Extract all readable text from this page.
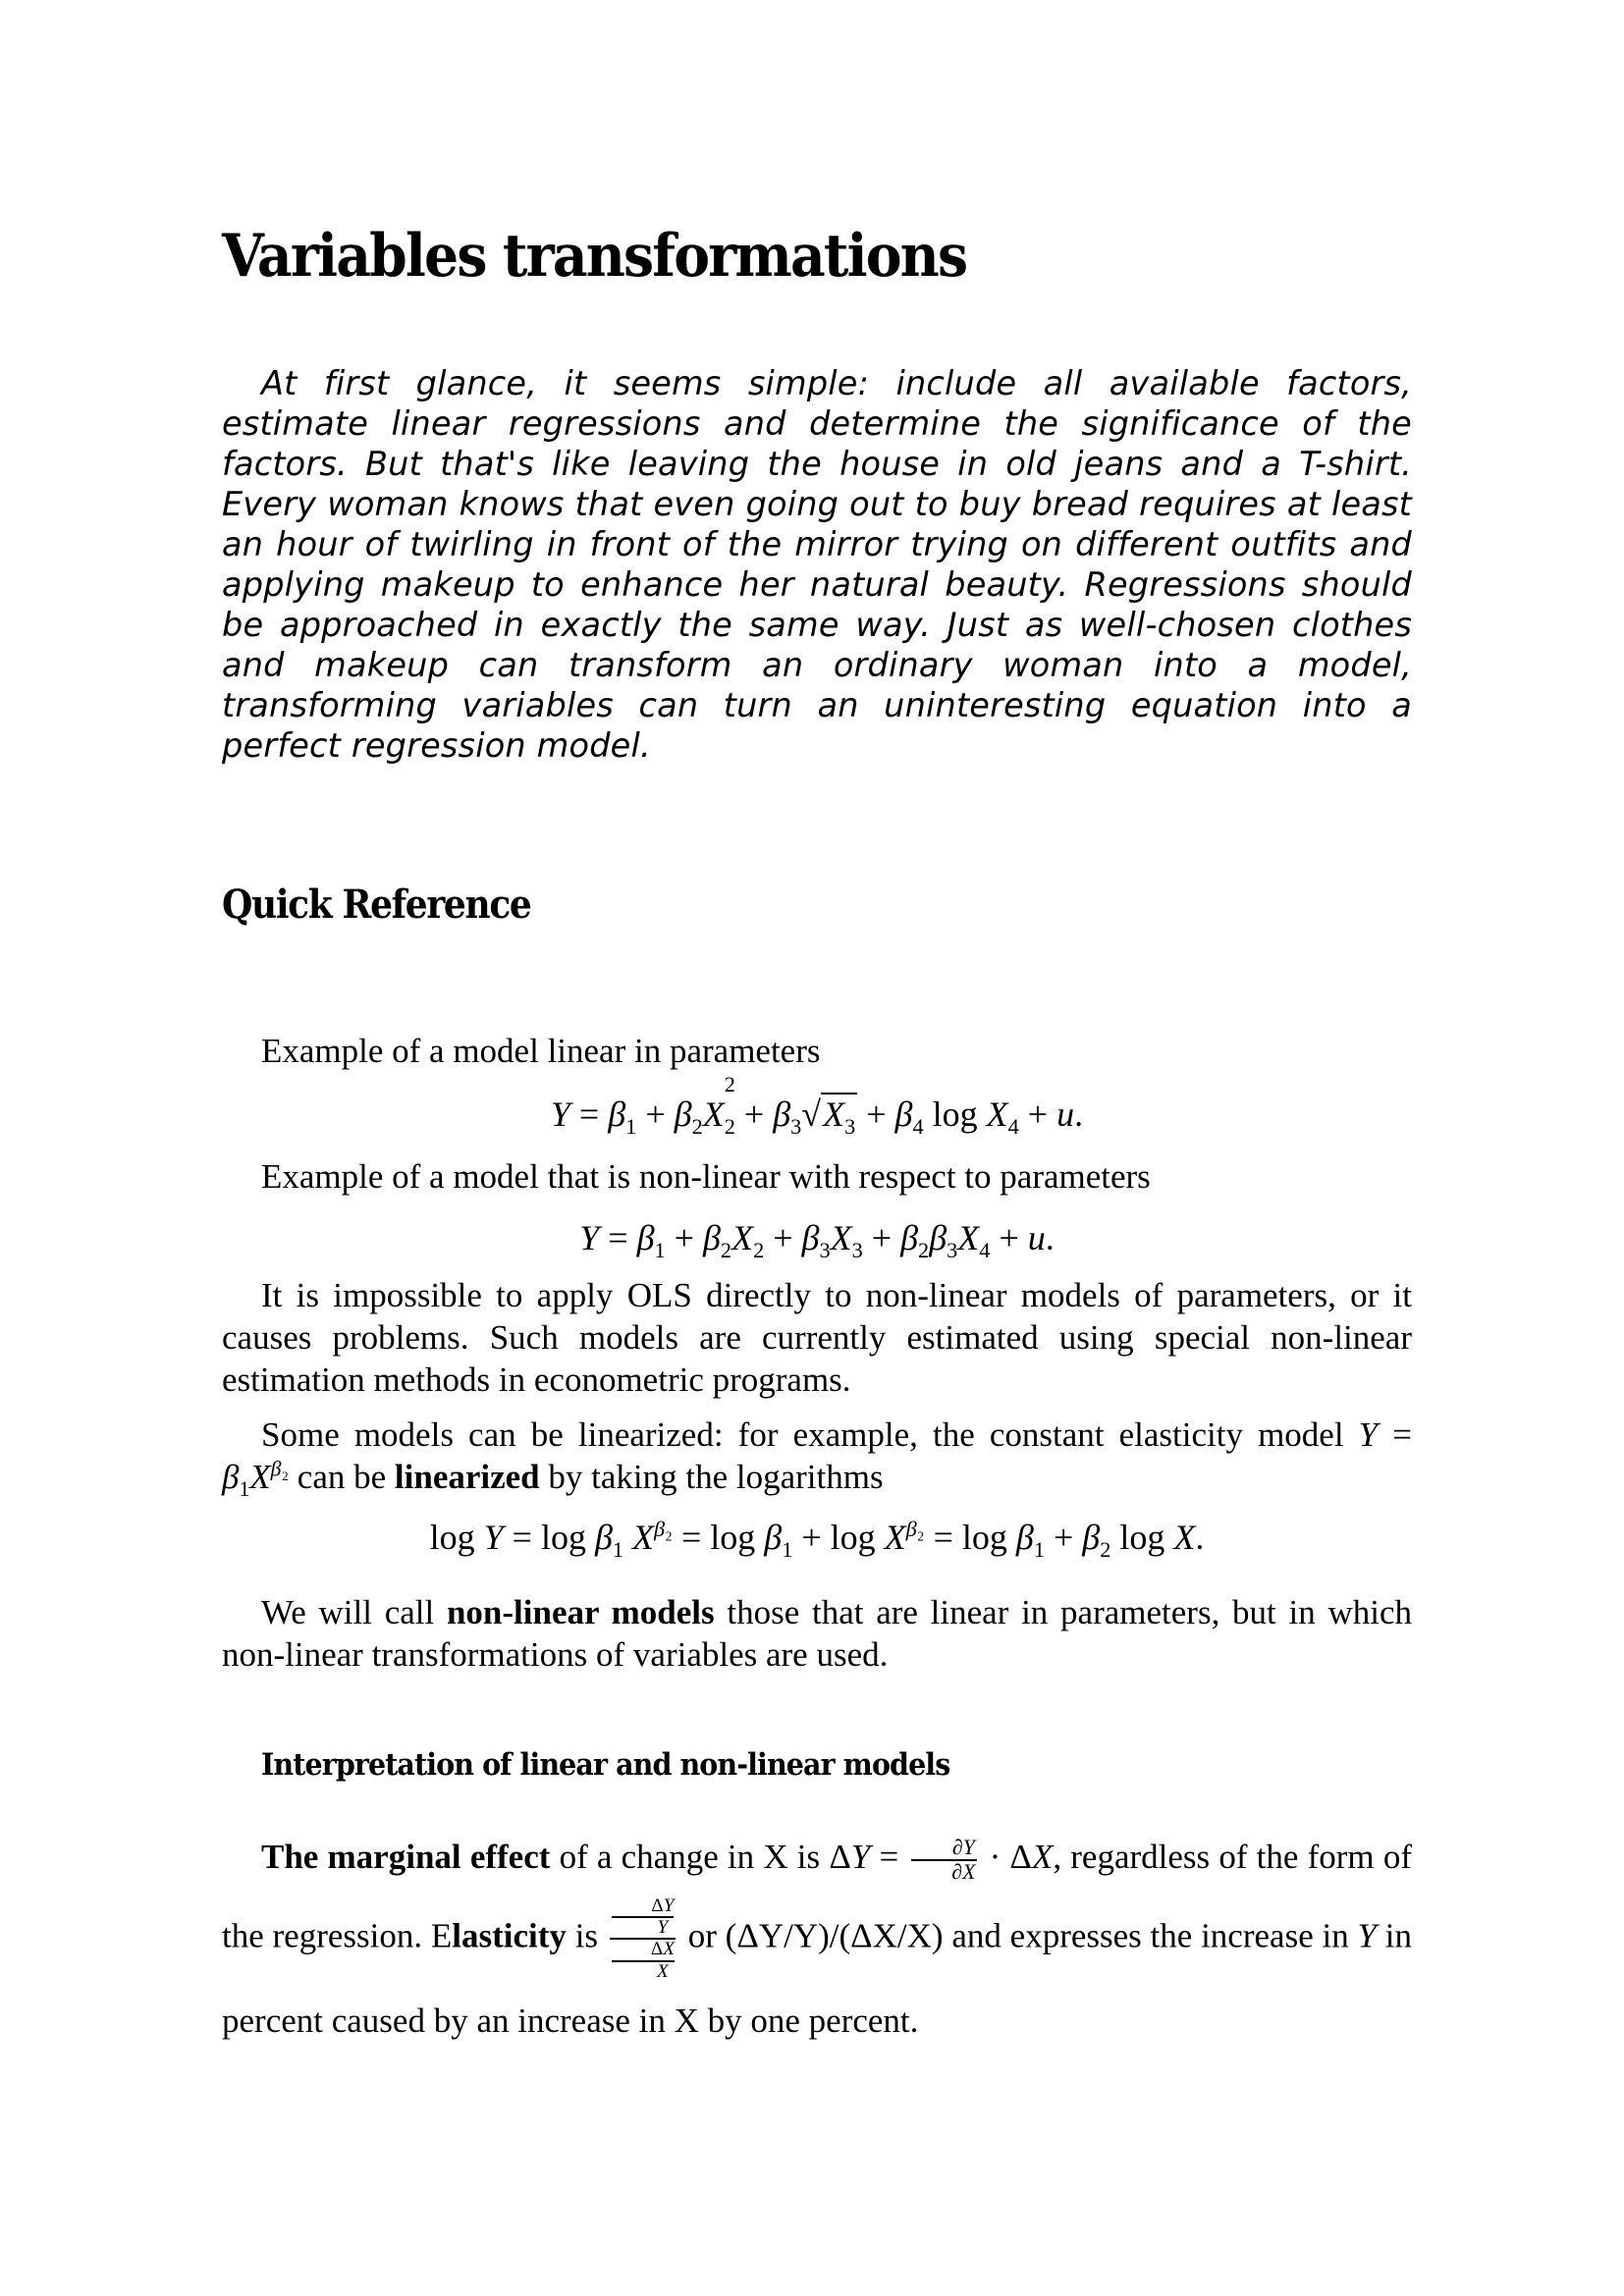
Variables transformations

At first glance, it seems simple: include all available factors, estimate linear regressions and determine the significance of the factors. But that's like leaving the house in old jeans and a T-shirt. Every woman knows that even going out to buy bread requires at least an hour of twirling in front of the mirror trying on different outfits and applying makeup to enhance her natural beauty. Regressions should be approached in exactly the same way. Just as well-chosen clothes and makeup can transform an ordinary woman into a model, transforming variables can turn an uninteresting equation into a perfect regression model.

Quick Reference

Example of a model linear in parameters

$Y = \beta_1 + \beta_2X$
$_{2 2} + \beta_3√X_3 + \beta_4$ $\log X_4 + u$.

Example of a model that is non-linear with respect to parameters

$Y = \beta_1 + \beta_2X_2 + \beta_3X_3 + \beta_2\beta_3X_4 + u$.

It is impossible to apply OLS directly to non-linear models of parameters, or it causes problems. Such models are currently estimated using special non-linear estimation methods in econometric programs.

Some models can be linearized: for example, the constant elasticity model $Y = \beta_1X^{\beta_2}$ can be linearized by taking the logarithms

$\log Y = \log \beta_1$ $X^{\beta_2} = \log \beta_1 + \log X^{\beta_2} = \log \beta_1 + \beta_2$ log X.

We will call non-linear models those that are linear in parameters, but in which non-linear transformations of variables are used.

Interpretation of linear and non-linear models

The marginal effect of a change in X is $\Delta Y = \frac{\partial Y}{\partial X} \cdot \Delta X$, regardless of the form of the regression. Elasticity is ΔY
Y
ΔX
X or (ΔY/Y)/(ΔX/X) and expresses the increase in Y in percent caused by an increase in X by one percent.
